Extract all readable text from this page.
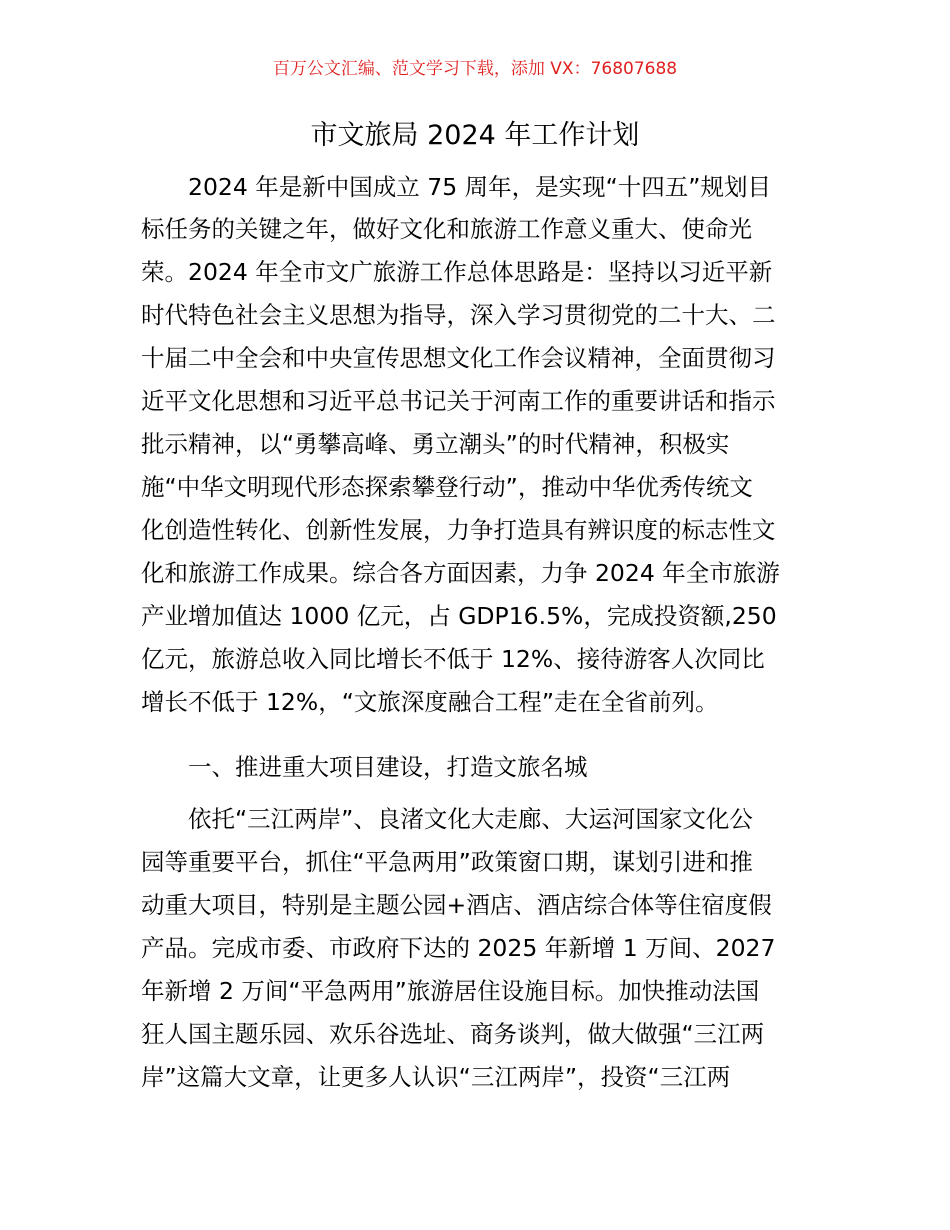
百万公文汇编、范文学习下载，添加 VX：76807688
市文旅局 2024 年工作计划

2024 年是新中国成立 75 周年，是实现“十四五”规划目

标任务的关键之年，做好文化和旅游工作意义重大、使命光

荣。2024 年全市文广旅游工作总体思路是：坚持以习近平新

时代特色社会主义思想为指导，深入学习贯彻党的二十大、二

十届二中全会和中央宣传思想文化工作会议精神，全面贯彻习

近平文化思想和习近平总书记关于河南工作的重要讲话和指示

批示精神，以“勇攀高峰、勇立潮头”的时代精神，积极实

施“中华文明现代形态探索攀登行动”，推动中华优秀传统文

化创造性转化、创新性发展，力争打造具有辨识度的标志性文

化和旅游工作成果。综合各方面因素，力争 2024 年全市旅游

产业增加值达 1000 亿元，占 GDP16.5%，完成投资额,250

亿元，旅游总收入同比增长不低于 12%、接待游客人次同比

增长不低于 12%，“文旅深度融合工程”走在全省前列。

一、推进重大项目建设，打造文旅名城

依托“三江两岸”、良渚文化大走廊、大运河国家文化公

园等重要平台，抓住“平急两用”政策窗口期，谋划引进和推

动重大项目，特别是主题公园+酒店、酒店综合体等住宿度假

产品。完成市委、市政府下达的 2025 年新增 1 万间、2027

年新增 2 万间“平急两用”旅游居住设施目标。加快推动法国

狂人国主题乐园、欢乐谷选址、商务谈判，做大做强“三江两

岸”这篇大文章，让更多人认识“三江两岸”，投资“三江两
